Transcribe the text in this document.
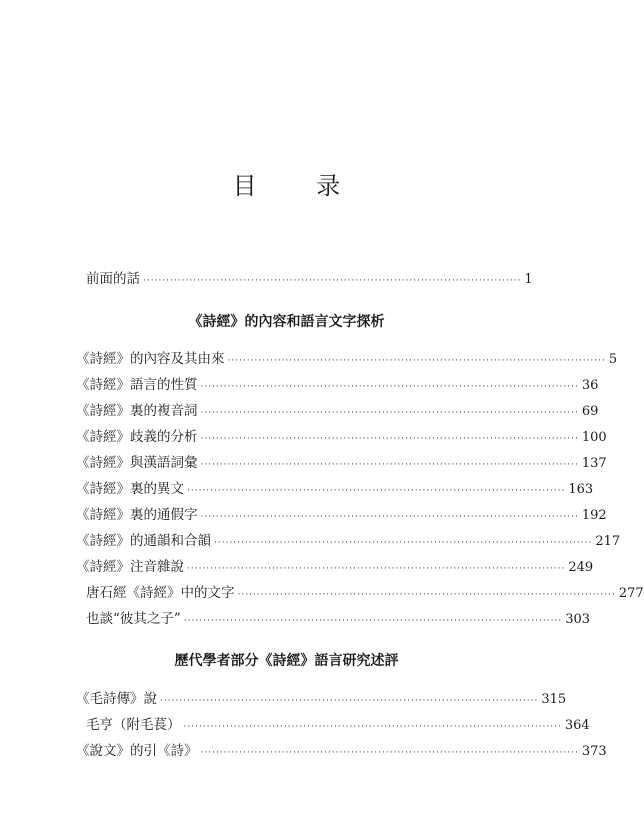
目 录
前面的話 ·································································································· 1
《詩經》的內容和語言文字探析
《詩經》的內容及其由來 ·································································································· 5
《詩經》語言的性質 ·································································································· 36
《詩經》裏的複音詞 ·································································································· 69
《詩經》歧義的分析 ·································································································· 100
《詩經》與漢語詞彙 ·································································································· 137
《詩經》裏的異文 ·································································································· 163
《詩經》裏的通假字 ·································································································· 192
《詩經》的通韻和合韻 ·································································································· 217
《詩經》注音雜說 ·································································································· 249
唐石經《詩經》中的文字 ·································································································· 277
也談“彼其之子” ·································································································· 303
歷代學者部分《詩經》語言研究述評
《毛詩傳》說 ·································································································· 315
毛亨（附毛萇） ·································································································· 364
《說文》的引《詩》 ·································································································· 373
